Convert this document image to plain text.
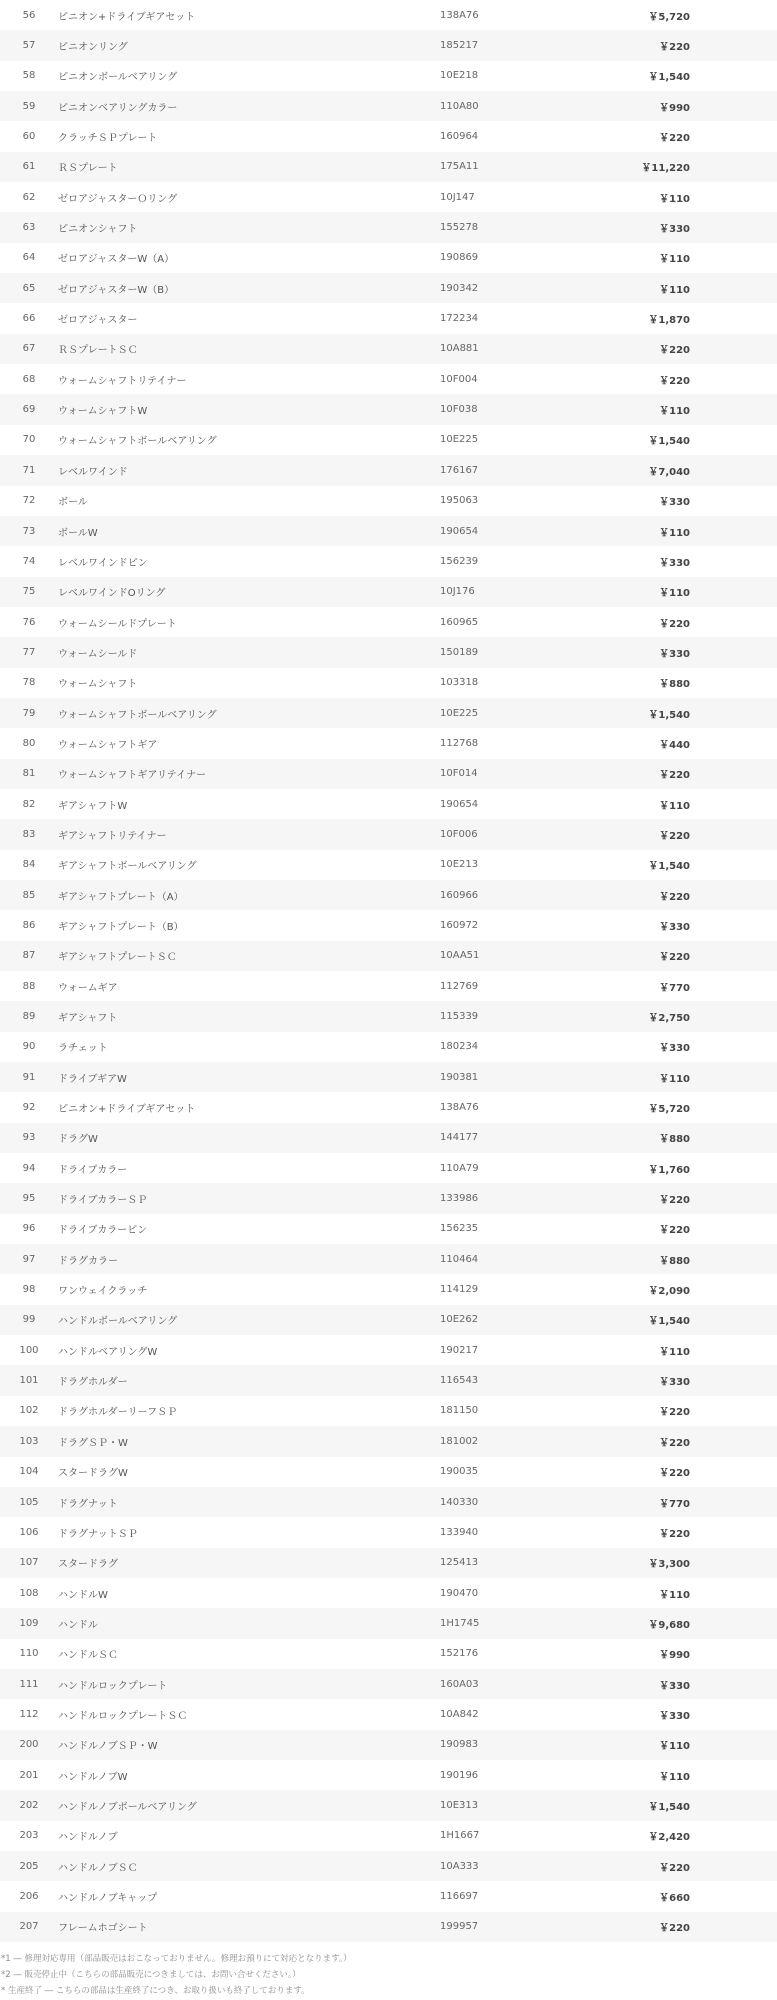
56	ピニオン+ドライブギアセット	138A76	￥5,720	
57	ピニオンリング	185217	￥220	
58	ピニオンボールベアリング	10E218	￥1,540	
59	ピニオンベアリングカラー	110A80	￥990	
60	クラッチＳＰプレート	160964	￥220	
61	ＲＳプレート	175A11	￥11,220	
62	ゼロアジャスターＯリング	10J147	￥110	
63	ピニオンシャフト	155278	￥330	
64	ゼロアジャスターW（A）	190869	￥110	
65	ゼロアジャスターW（B）	190342	￥110	
66	ゼロアジャスター	172234	￥1,870	
67	ＲＳプレートＳＣ	10A881	￥220	
68	ウォームシャフトリテイナー	10F004	￥220	
69	ウォームシャフトW	10F038	￥110	
70	ウォームシャフトボールベアリング	10E225	￥1,540	
71	レベルワインド	176167	￥7,040	
72	ボール	195063	￥330	
73	ボールW	190654	￥110	
74	レベルワインドピン	156239	￥330	
75	レベルワインドOリング	10J176	￥110	
76	ウォームシールドプレート	160965	￥220	
77	ウォームシールド	150189	￥330	
78	ウォームシャフト	103318	￥880	
79	ウォームシャフトボールベアリング	10E225	￥1,540	
80	ウォームシャフトギア	112768	￥440	
81	ウォームシャフトギアリテイナー	10F014	￥220	
82	ギアシャフトW	190654	￥110	
83	ギアシャフトリテイナー	10F006	￥220	
84	ギアシャフトボールベアリング	10E213	￥1,540	
85	ギアシャフトプレート（A）	160966	￥220	
86	ギアシャフトプレート（B）	160972	￥330	
87	ギアシャフトプレートＳＣ	10AA51	￥220	
88	ウォームギア	112769	￥770	
89	ギアシャフト	115339	￥2,750	
90	ラチェット	180234	￥330	
91	ドライブギアW	190381	￥110	
92	ピニオン+ドライブギアセット	138A76	￥5,720	
93	ドラグW	144177	￥880	
94	ドライブカラー	110A79	￥1,760	
95	ドライブカラーＳＰ	133986	￥220	
96	ドライブカラーピン	156235	￥220	
97	ドラグカラー	110464	￥880	
98	ワンウェイクラッチ	114129	￥2,090	
99	ハンドルボールベアリング	10E262	￥1,540	
100	ハンドルベアリングW	190217	￥110	
101	ドラグホルダー	116543	￥330	
102	ドラグホルダーリーフＳＰ	181150	￥220	
103	ドラグＳＰ・W	181002	￥220	
104	スタードラグW	190035	￥220	
105	ドラグナット	140330	￥770	
106	ドラグナットＳＰ	133940	￥220	
107	スタードラグ	125413	￥3,300	
108	ハンドルW	190470	￥110	
109	ハンドル	1H1745	￥9,680	
110	ハンドルＳＣ	152176	￥990	
111	ハンドルロックプレート	160A03	￥330	
112	ハンドルロックプレートＳＣ	10A842	￥330	
200	ハンドルノブＳＰ・W	190983	￥110	
201	ハンドルノブW	190196	￥110	
202	ハンドルノブボールベアリング	10E313	￥1,540	
203	ハンドルノブ	1H1667	￥2,420	
205	ハンドルノブＳＣ	10A333	￥220	
206	ハンドルノブキャップ	116697	￥660	
207	フレームホゴシート	199957	￥220	
*1 ― 修理対応専用（部品販売はおこなっておりません。修理お預りにて対応となります。）
*2 ― 販売停止中（こちらの部品販売につきましては、お問い合せください。）
* 生産終了 ― こちらの部品は生産終了につき、お取り扱いも終了しております。
